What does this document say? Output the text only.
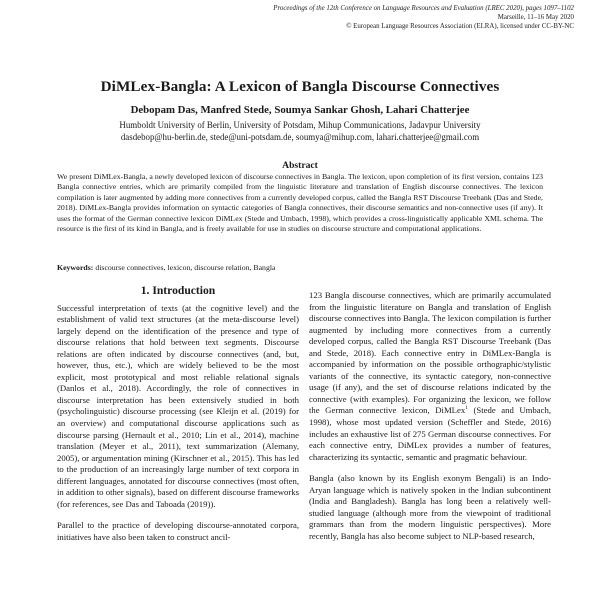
Proceedings of the 12th Conference on Language Resources and Evaluation (LREC 2020), pages 1097–1102
Marseille, 11–16 May 2020
© European Language Resources Association (ELRA), licensed under CC-BY-NC
DiMLex-Bangla: A Lexicon of Bangla Discourse Connectives
Debopam Das, Manfred Stede, Soumya Sankar Ghosh, Lahari Chatterjee
Humboldt University of Berlin, University of Potsdam, Mihup Communications, Jadavpur University
dasdebop@hu-berlin.de, stede@uni-potsdam.de, soumya@mihup.com, lahari.chatterjee@gmail.com
Abstract

We present DiMLex-Bangla, a newly developed lexicon of discourse connectives in Bangla. The lexicon, upon completion of its first version, contains 123 Bangla connective entries, which are primarily compiled from the linguistic literature and translation of English discourse connectives. The lexicon compilation is later augmented by adding more connectives from a currently developed corpus, called the Bangla RST Discourse Treebank (Das and Stede, 2018). DiMLex-Bangla provides information on syntactic categories of Bangla connectives, their discourse semantics and non-connective uses (if any). It uses the format of the German connective lexicon DiMLex (Stede and Umbach, 1998), which provides a cross-linguistically applicable XML schema. The resource is the first of its kind in Bangla, and is freely available for use in studies on discourse structure and computational applications.

Keywords: discourse connectives, lexicon, discourse relation, Bangla

1. Introduction

Successful interpretation of texts (at the cognitive level) and the establishment of valid text structures (at the meta-discourse level) largely depend on the identification of the presence and type of discourse relations that hold between text segments. Discourse relations are often indicated by discourse connectives (and, but, however, thus, etc.), which are widely believed to be the most explicit, most prototypical and most reliable relational signals (Danlos et al., 2018). Accordingly, the role of connectives in discourse interpretation has been extensively studied in both (psycholinguistic) discourse processing (see Kleijn et al. (2019) for an overview) and computational discourse applications such as discourse parsing (Hernault et al., 2010; Lin et al., 2014), machine translation (Meyer et al., 2011), text summarization (Alemany, 2005), or argumentation mining (Kirschner et al., 2015). This has led to the production of an increasingly large number of text corpora in different languages, annotated for discourse connectives (most often, in addition to other signals), based on different discourse frameworks (for references, see Das and Taboada (2019)).

Parallel to the practice of developing discourse-annotated corpora, initiatives have also been taken to construct ancil-

123 Bangla discourse connectives, which are primarily accumulated from the linguistic literature on Bangla and translation of English discourse connectives into Bangla. The lexicon compilation is further augmented by including more connectives from a currently developed corpus, called the Bangla RST Discourse Treebank (Das and Stede, 2018). Each connective entry in DiMLex-Bangla is accompanied by information on the possible orthographic/stylistic variants of the connective, its syntactic category, non-connective usage (if any), and the set of discourse relations indicated by the connective (with examples). For organizing the lexicon, we follow the German connective lexicon, DiMLex$^1$ (Stede and Umbach, 1998), whose most updated version (Scheffler and Stede, 2016) includes an exhaustive list of 275 German discourse connectives. For each connective entry, DiMLex provides a number of features, characterizing its syntactic, semantic and pragmatic behaviour.

Bangla (also known by its English exonym Bengali) is an Indo-Aryan language which is natively spoken in the Indian subcontinent (India and Bangladesh). Bangla has long been a relatively well-studied language (although more from the viewpoint of traditional grammars than from the modern linguistic perspectives). More recently, Bangla has also become subject to NLP-based research,
